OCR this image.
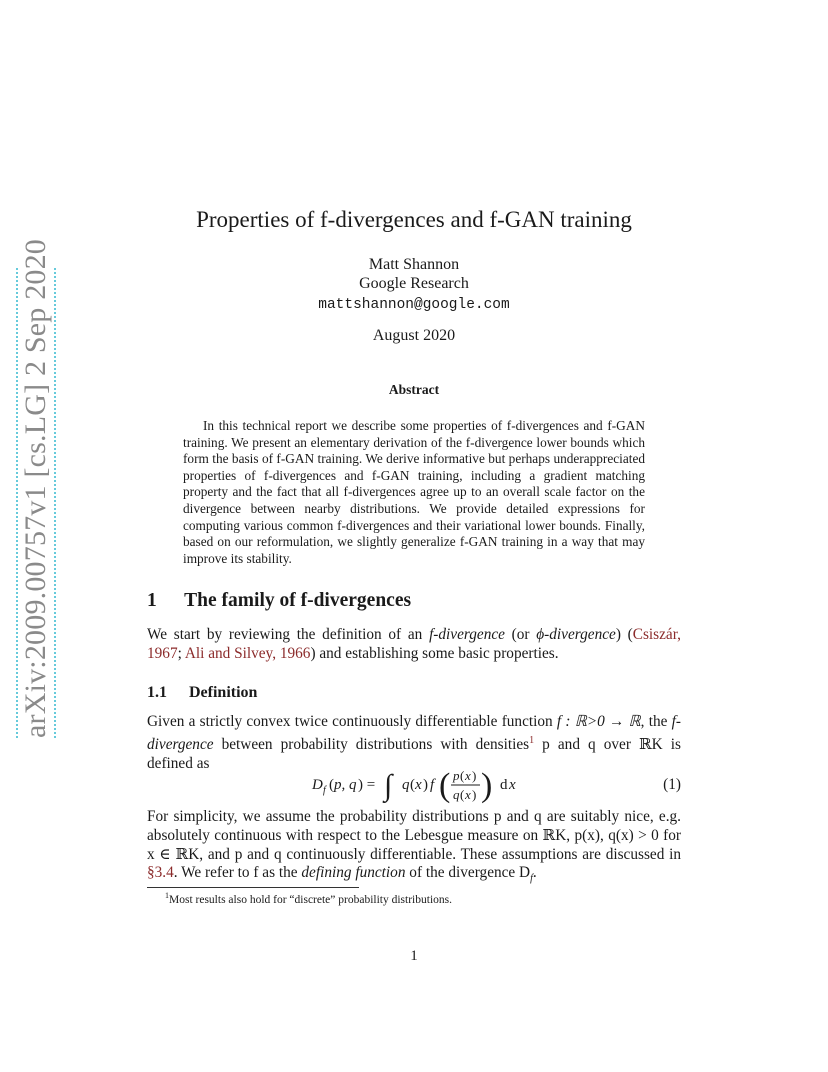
arXiv:2009.00757v1 [cs.LG] 2 Sep 2020
Properties of f-divergences and f-GAN training
Matt Shannon
Google Research
mattshannon@google.com
August 2020
Abstract

In this technical report we describe some properties of f-divergences and f-GAN training. We present an elementary derivation of the f-divergence lower bounds which form the basis of f-GAN training. We derive informative but perhaps underappreciated properties of f-divergences and f-GAN training, including a gradient matching property and the fact that all f-divergences agree up to an overall scale factor on the divergence between nearby distributions. We provide detailed expressions for computing various common f-divergences and their variational lower bounds. Finally, based on our reformulation, we slightly generalize f-GAN training in a way that may improve its stability.

1 The family of f-divergences

We start by reviewing the definition of an f-divergence (or ϕ-divergence) (Csiszár, 1967; Ali and Silvey, 1966) and establishing some basic properties.

1.1 Definition

Given a strictly convex twice continuously differentiable function f : ℝ>0 → ℝ, the f-divergence between probability distributions with densities$^1$ p and q over ℝK is defined as

D f ( p, q ) = ∫ q ( x ) f ( p ( x )
q ( x ) ) d x	(1)

For simplicity, we assume the probability distributions p and q are suitably nice, e.g. absolutely continuous with respect to the Lebesgue measure on ℝK, p(x), q(x) > 0 for x ∈ ℝK, and p and q continuously differentiable. These assumptions are discussed in §3.4. We refer to f as the defining function of the divergence $D_f$.

$^1$Most results also hold for “discrete” probability distributions.
1
